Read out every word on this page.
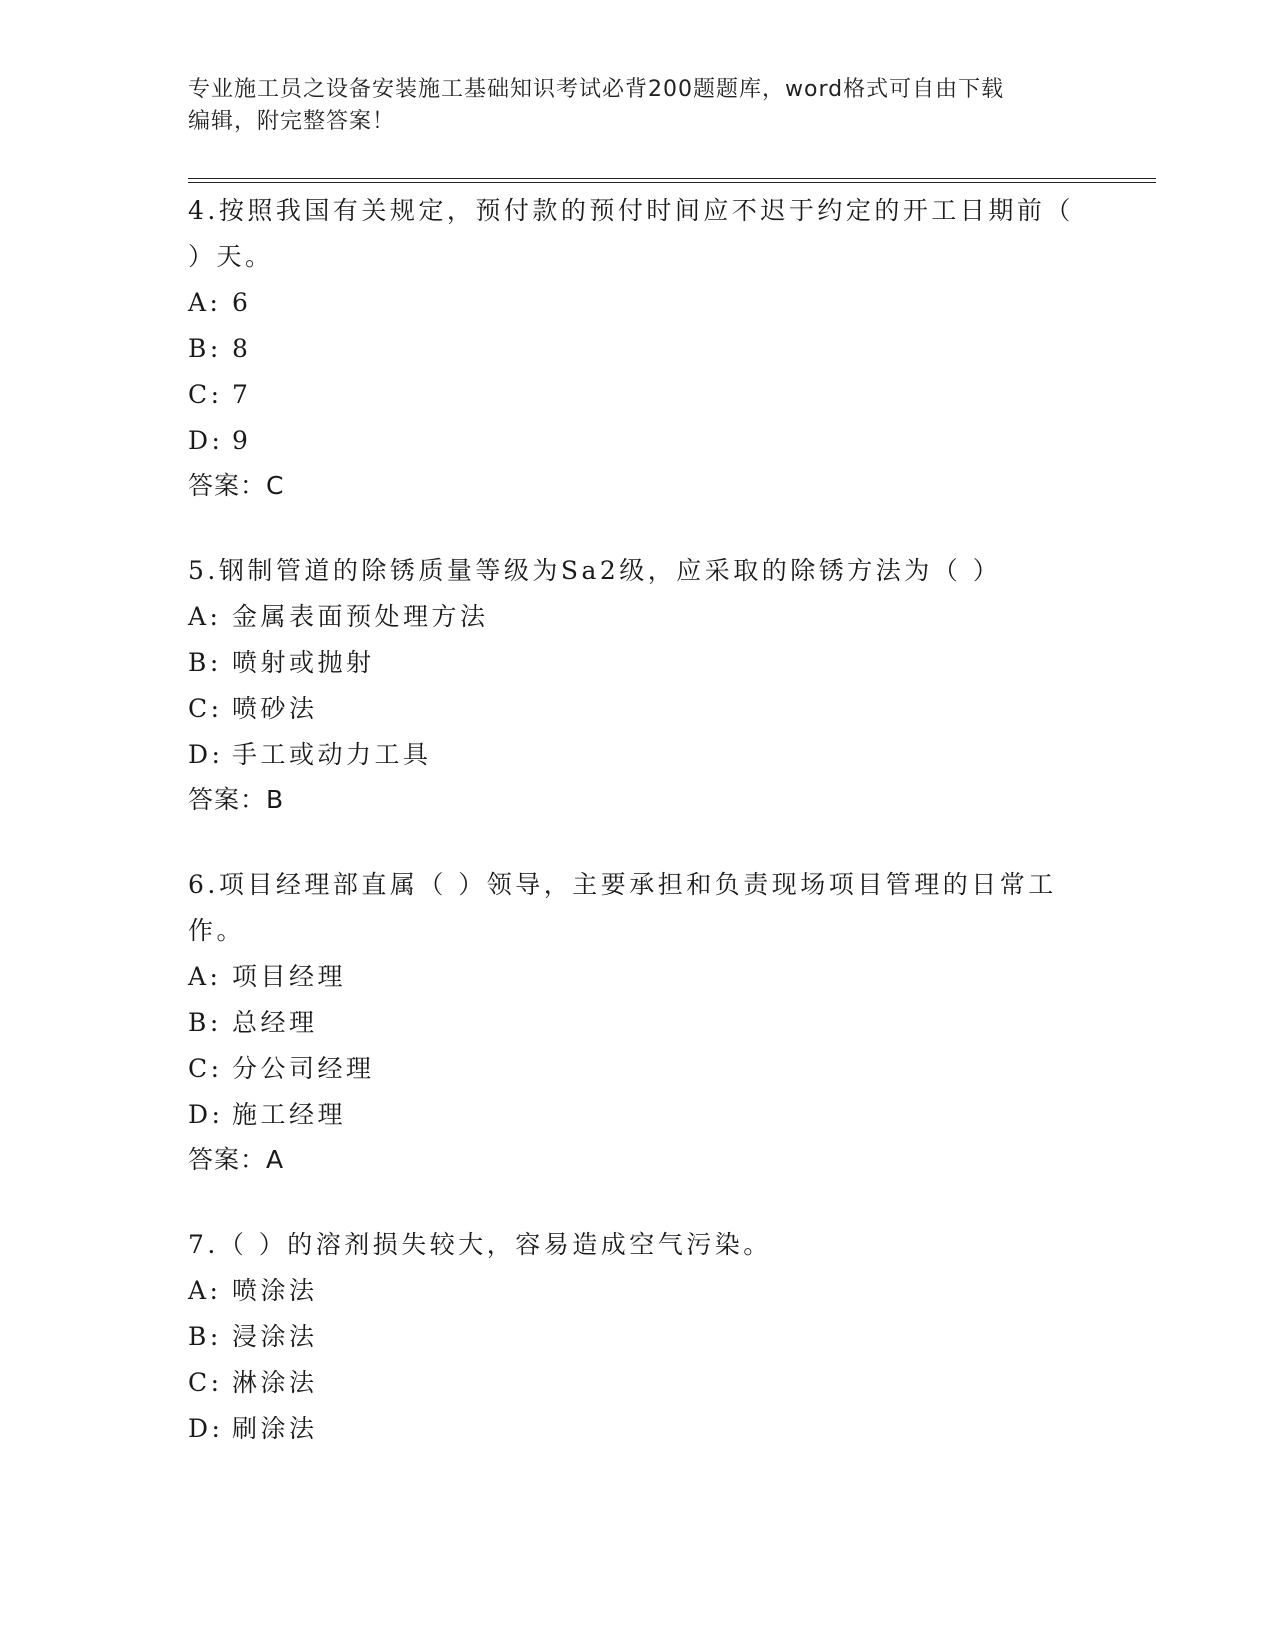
专业施工员之设备安装施工基础知识考试必背200题题库，word格式可自由下载
编辑，附完整答案！
4.按照我国有关规定，预付款的预付时间应不迟于约定的开工日期前（ ）天。
A: 6
B: 8
C: 7
D: 9
答案：C
5.钢制管道的除锈质量等级为Sa2级，应采取的除锈方法为（ ）
A: 金属表面预处理方法
B: 喷射或抛射
C: 喷砂法
D: 手工或动力工具
答案：B
6.项目经理部直属（ ）领导，主要承担和负责现场项目管理的日常工作。
A: 项目经理
B: 总经理
C: 分公司经理
D: 施工经理
答案：A
7.（ ）的溶剂损失较大，容易造成空气污染。
A: 喷涂法
B: 浸涂法
C: 淋涂法
D: 刷涂法
